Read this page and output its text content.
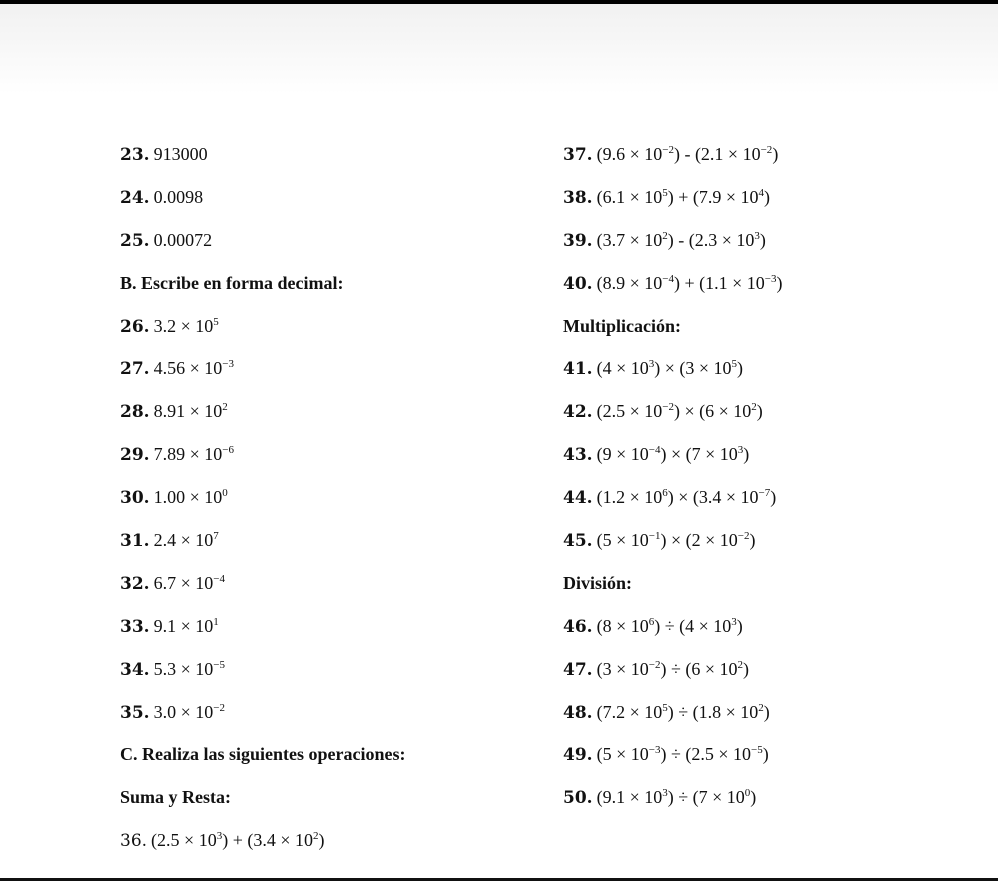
23. 913000
24. 0.0098
25. 0.00072
B. Escribe en forma decimal:
26. $3.2 \times 10^5$
27. $4.56 \times 10^{-3}$
28. $8.91 \times 10^2$
29. $7.89 \times 10^{-6}$
30. $1.00 \times 10^0$
31. $2.4 \times 10^7$
32. $6.7 \times 10^{-4}$
33. $9.1 \times 10^1$
34. $5.3 \times 10^{-5}$
35. $3.0 \times 10^{-2}$
C. Realiza las siguientes operaciones:
Suma y Resta:
36. $(2.5 \times 10^3) + (3.4 \times 10^2)$
37. $(9.6 \times 10^{-2}) - (2.1 \times 10^{-2})$
38. $(6.1 \times 10^5) + (7.9 \times 10^4)$
39. $(3.7 \times 10^2) - (2.3 \times 10^3)$
40. $(8.9 \times 10^{-4}) + (1.1 \times 10^{-3})$
Multiplicación:
41. $(4 \times 10^3) \times (3 \times 10^5)$
42. $(2.5 \times 10^{-2}) \times (6 \times 10^2)$
43. $(9 \times 10^{-4}) \times (7 \times 10^3)$
44. $(1.2 \times 10^6) \times (3.4 \times 10^{-7})$
45. $(5 \times 10^{-1}) \times (2 \times 10^{-2})$
División:
46. $(8 \times 10^6) \div (4 \times 10^3)$
47. $(3 \times 10^{-2}) \div (6 \times 10^2)$
48. $(7.2 \times 10^5) \div (1.8 \times 10^2)$
49. $(5 \times 10^{-3}) \div (2.5 \times 10^{-5})$
50. $(9.1 \times 10^3) \div (7 \times 10^0)$
